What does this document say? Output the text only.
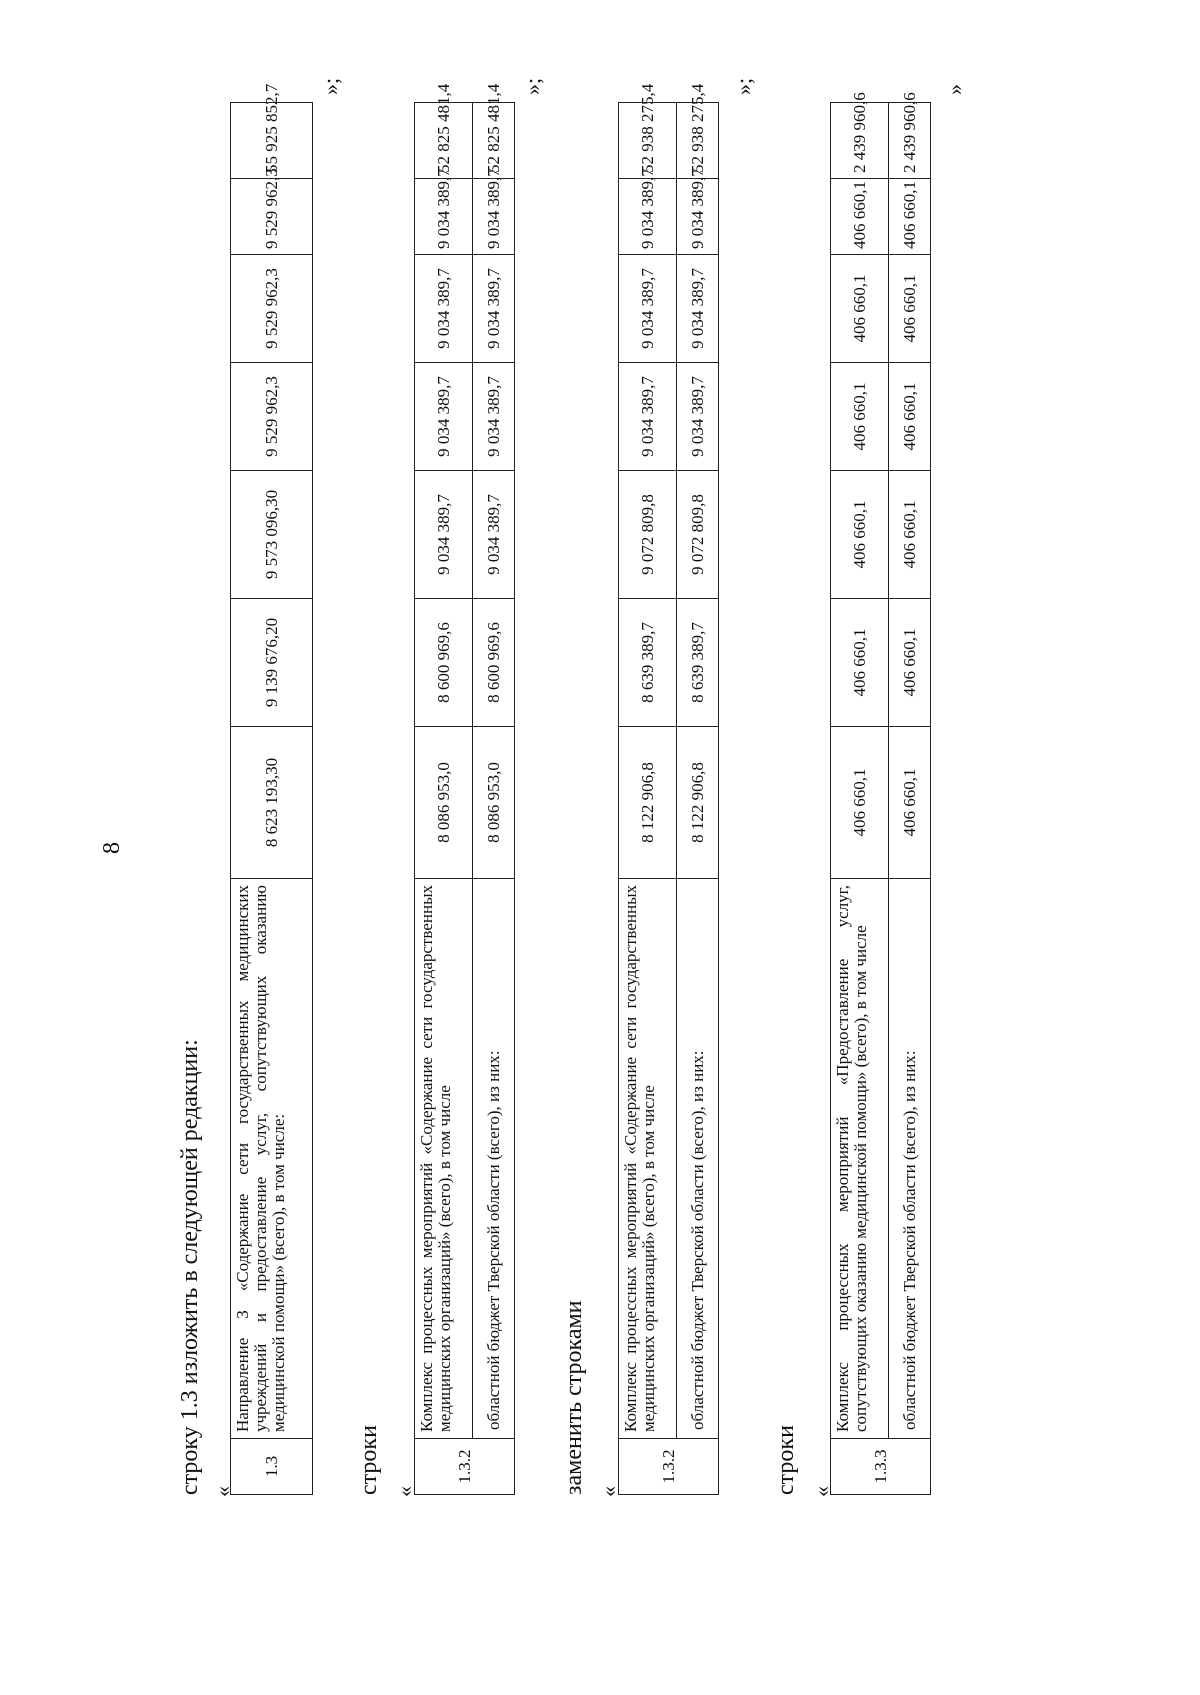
8
строку 1.3 изложить в следующей редакции: «
1.3	Направление 3 «Содержание сети государственных медицинских учреждений и предоставление услуг, сопутствующих оказанию медицинской помощи» (всего), в том числе:	8 623 193,30	9 139 676,20	9 573 096,30	9 529 962,3	9 529 962,3	9 529 962,3	55 925 852,7 »;
строки «
1.3.2	Комплекс процессных мероприятий «Содержание сети государственных медицинских организаций» (всего), в том числе	8 086 953,0	8 600 969,6	9 034 389,7	9 034 389,7	9 034 389,7	9 034 389,7	52 825 481,4
	областной бюджет Тверской области (всего), из них:	8 086 953,0	8 600 969,6	9 034 389,7	9 034 389,7	9 034 389,7	9 034 389,7	52 825 481,4 »;
заменить строками «
1.3.2	Комплекс процессных мероприятий «Содержание сети государственных медицинских организаций» (всего), в том числе	8 122 906,8	8 639 389,7	9 072 809,8	9 034 389,7	9 034 389,7	9 034 389,7	52 938 275,4
	областной бюджет Тверской области (всего), из них:	8 122 906,8	8 639 389,7	9 072 809,8	9 034 389,7	9 034 389,7	9 034 389,7	52 938 275,4 »;
строки «
1.3.3	Комплекс процессных мероприятий «Предоставление услуг, сопутствующих оказанию медицинской помощи» (всего), в том числе	406 660,1	406 660,1	406 660,1	406 660,1	406 660,1	406 660,1	2 439 960,6
	областной бюджет Тверской области (всего), из них:	406 660,1	406 660,1	406 660,1	406 660,1	406 660,1	406 660,1	2 439 960,6
»
